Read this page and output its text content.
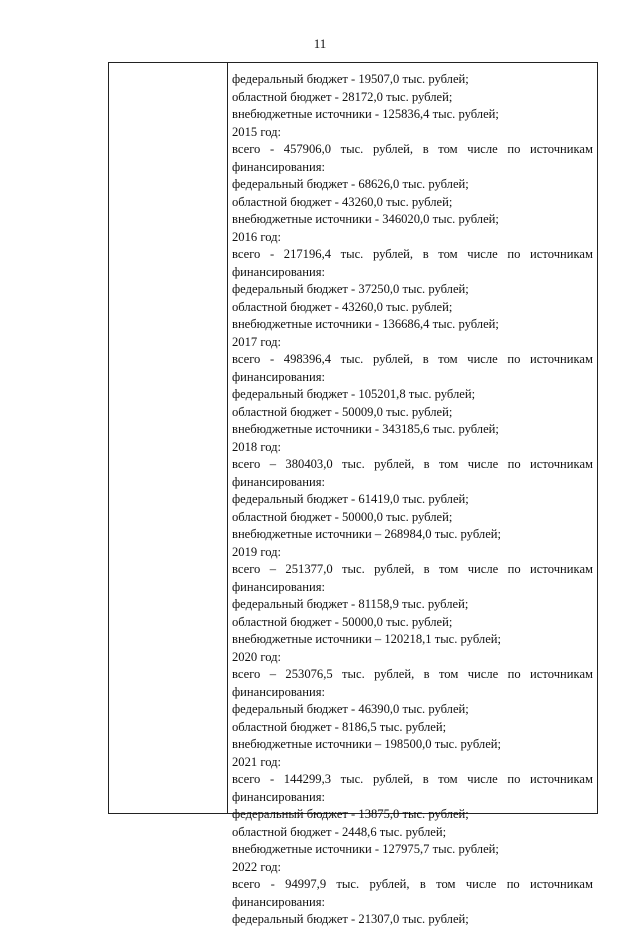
11
федеральный бюджет - 19507,0 тыс. рублей;
областной бюджет - 28172,0 тыс. рублей;
внебюджетные источники - 125836,4 тыс. рублей;
2015 год:
всего - 457906,0 тыс. рублей, в том числе по источникам
финансирования:
федеральный бюджет - 68626,0 тыс. рублей;
областной бюджет - 43260,0 тыс. рублей;
внебюджетные источники - 346020,0 тыс. рублей;
2016 год:
всего - 217196,4 тыс. рублей, в том числе по источникам
финансирования:
федеральный бюджет - 37250,0 тыс. рублей;
областной бюджет - 43260,0 тыс. рублей;
внебюджетные источники - 136686,4 тыс. рублей;
2017 год:
всего - 498396,4 тыс. рублей, в том числе по источникам
финансирования:
федеральный бюджет - 105201,8 тыс. рублей;
областной бюджет - 50009,0 тыс. рублей;
внебюджетные источники - 343185,6 тыс. рублей;
2018 год:
всего – 380403,0 тыс. рублей, в том числе по источникам
финансирования:
федеральный бюджет - 61419,0 тыс. рублей;
областной бюджет - 50000,0 тыс. рублей;
внебюджетные источники – 268984,0 тыс. рублей;
2019 год:
всего – 251377,0 тыс. рублей, в том числе по источникам
финансирования:
федеральный бюджет - 81158,9 тыс. рублей;
областной бюджет - 50000,0 тыс. рублей;
внебюджетные источники – 120218,1 тыс. рублей;
2020 год:
всего – 253076,5 тыс. рублей, в том числе по источникам
финансирования:
федеральный бюджет - 46390,0 тыс. рублей;
областной бюджет - 8186,5 тыс. рублей;
внебюджетные источники – 198500,0 тыс. рублей;
2021 год:
всего - 144299,3 тыс. рублей, в том числе по источникам
финансирования:
федеральный бюджет - 13875,0 тыс. рублей;
областной бюджет - 2448,6 тыс. рублей;
внебюджетные источники - 127975,7 тыс. рублей;
2022 год:
всего - 94997,9 тыс. рублей, в том числе по источникам
финансирования:
федеральный бюджет - 21307,0 тыс. рублей;
